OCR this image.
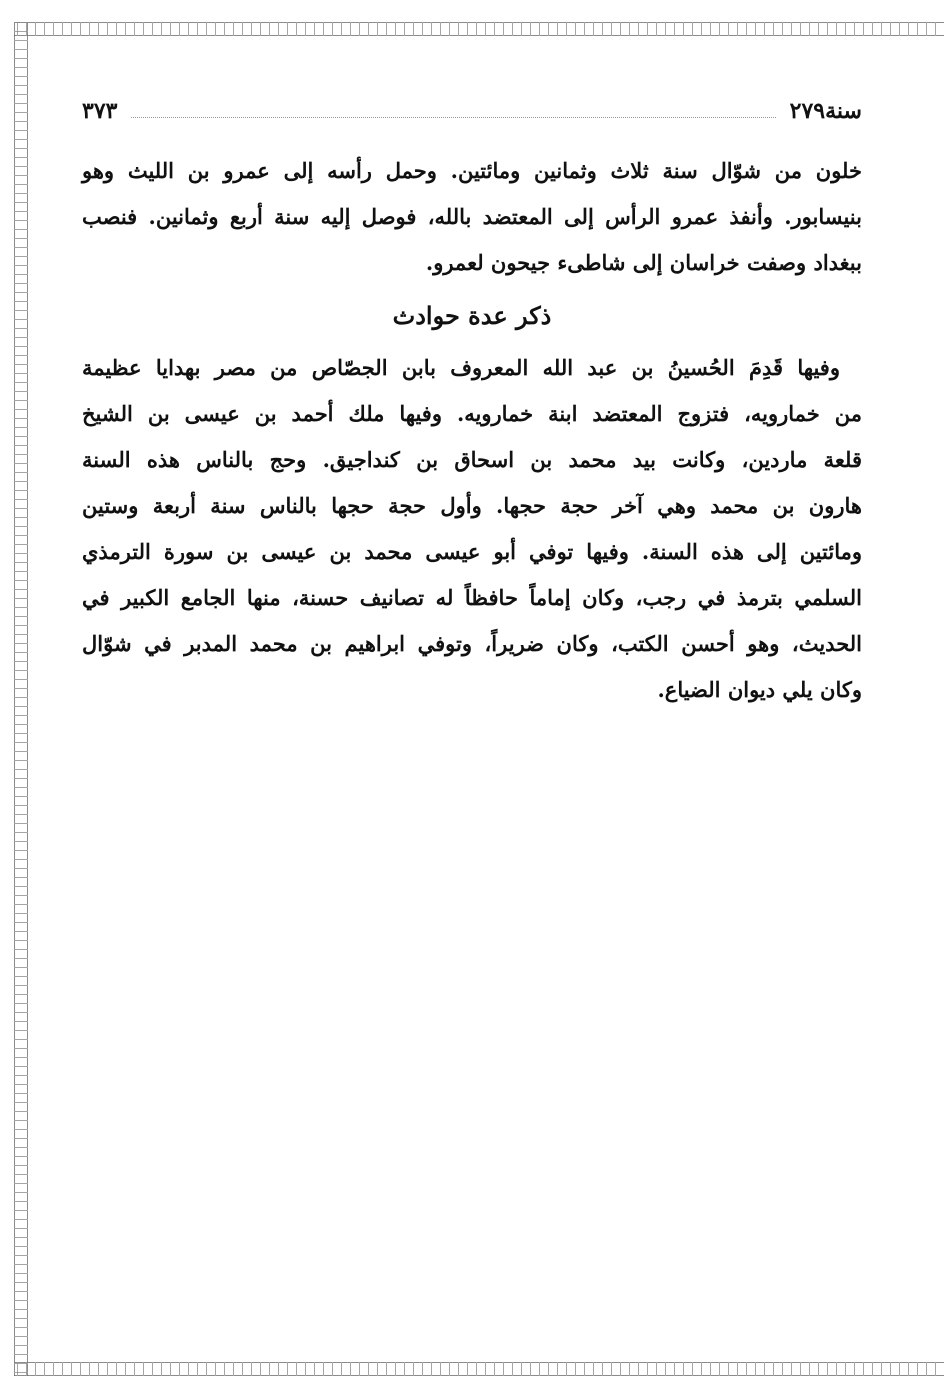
سنة٢٧٩
٣٧٣
خلون من شوّال سنة ثلاث وثمانين ومائتين. وحمل رأسه إلى عمرو بن الليث وهو
بنيسابور. وأنفذ عمرو الرأس إلى المعتضد بالله، فوصل إليه سنة أربع وثمانين. فنصب
ببغداد وصفت خراسان إلى شاطىء جيحون لعمرو.
ذكر عدة حوادث
وفيها قَدِمَ الحُسينُ بن عبد الله المعروف بابن الجصّاص من مصر بهدايا عظيمة
من خمارويه، فتزوج المعتضد ابنة خمارويه. وفيها ملك أحمد بن عيسى بن الشيخ
قلعة ماردين، وكانت بيد محمد بن اسحاق بن كنداجيق. وحج بالناس هذه السنة
هارون بن محمد وهي آخر حجة حجها. وأول حجة حجها بالناس سنة أربعة وستين
ومائتين إلى هذه السنة. وفيها توفي أبو عيسى محمد بن عيسى بن سورة الترمذي
السلمي بترمذ في رجب، وكان إماماً حافظاً له تصانيف حسنة، منها الجامع الكبير في
الحديث، وهو أحسن الكتب، وكان ضريراً، وتوفي ابراهيم بن محمد المدبر في شوّال
وكان يلي ديوان الضياع.
